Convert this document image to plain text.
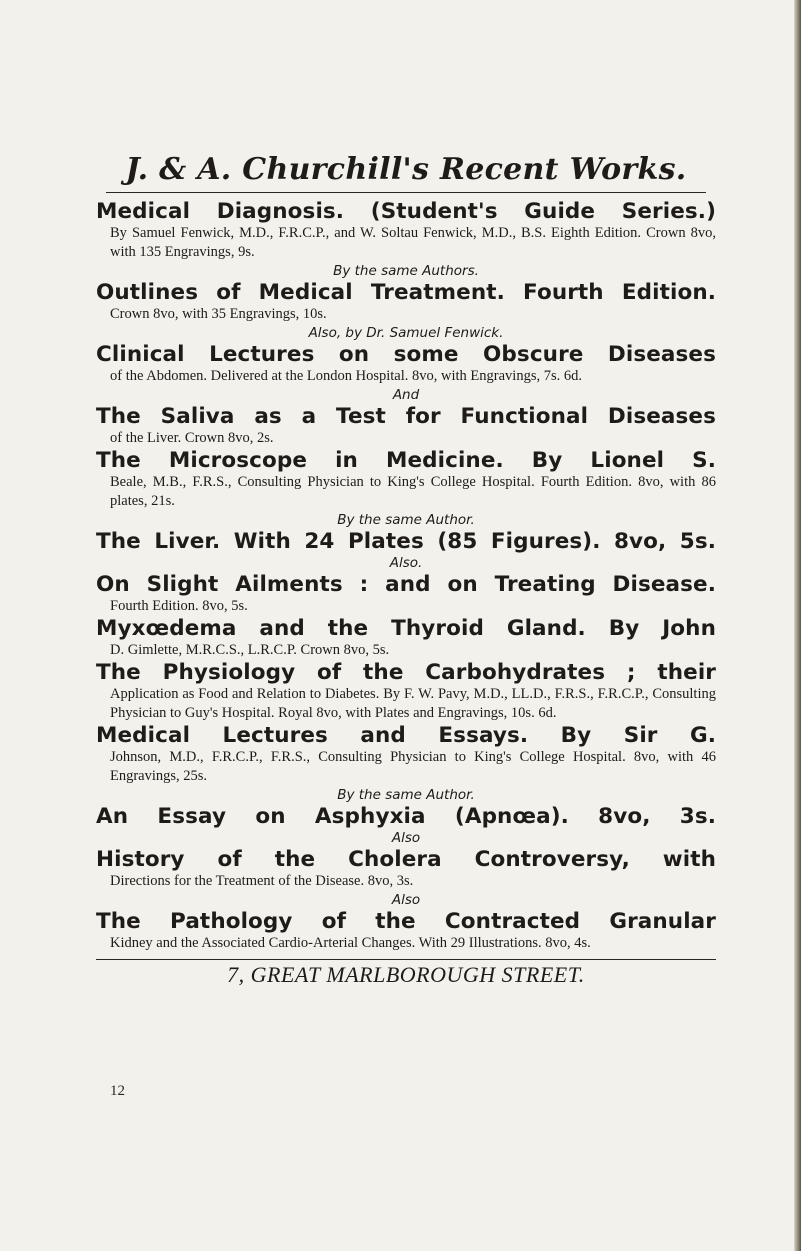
J. & A. Churchill's Recent Works.

Medical Diagnosis. (Student's Guide Series.)

By Samuel Fenwick, M.D., F.R.C.P., and W. Soltau Fenwick, M.D., B.S. Eighth Edition. Crown 8vo, with 135 Engravings, 9s.

By the same Authors.

Outlines of Medical Treatment. Fourth Edition.

Crown 8vo, with 35 Engravings, 10s.

Also, by Dr. Samuel Fenwick.

Clinical Lectures on some Obscure Diseases

of the Abdomen. Delivered at the London Hospital. 8vo, with Engravings, 7s. 6d.

And

The Saliva as a Test for Functional Diseases

of the Liver. Crown 8vo, 2s.

The Microscope in Medicine. By Lionel S.

Beale, M.B., F.R.S., Consulting Physician to King's College Hospital. Fourth Edition. 8vo, with 86 plates, 21s.

By the same Author.

The Liver. With 24 Plates (85 Figures). 8vo, 5s.

Also.

On Slight Ailments : and on Treating Disease.

Fourth Edition. 8vo, 5s.

Myxœdema and the Thyroid Gland. By John

D. Gimlette, M.R.C.S., L.R.C.P. Crown 8vo, 5s.

The Physiology of the Carbohydrates ; their

Application as Food and Relation to Diabetes. By F. W. Pavy, M.D., LL.D., F.R.S., F.R.C.P., Consulting Physician to Guy's Hospital. Royal 8vo, with Plates and Engravings, 10s. 6d.

Medical Lectures and Essays. By Sir G.

Johnson, M.D., F.R.C.P., F.R.S., Consulting Physician to King's College Hospital. 8vo, with 46 Engravings, 25s.

By the same Author.

An Essay on Asphyxia (Apnœa). 8vo, 3s.

Also

History of the Cholera Controversy, with

Directions for the Treatment of the Disease. 8vo, 3s.

Also

The Pathology of the Contracted Granular

Kidney and the Associated Cardio-Arterial Changes. With 29 Illustrations. 8vo, 4s.

7, GREAT MARLBOROUGH STREET.

12
